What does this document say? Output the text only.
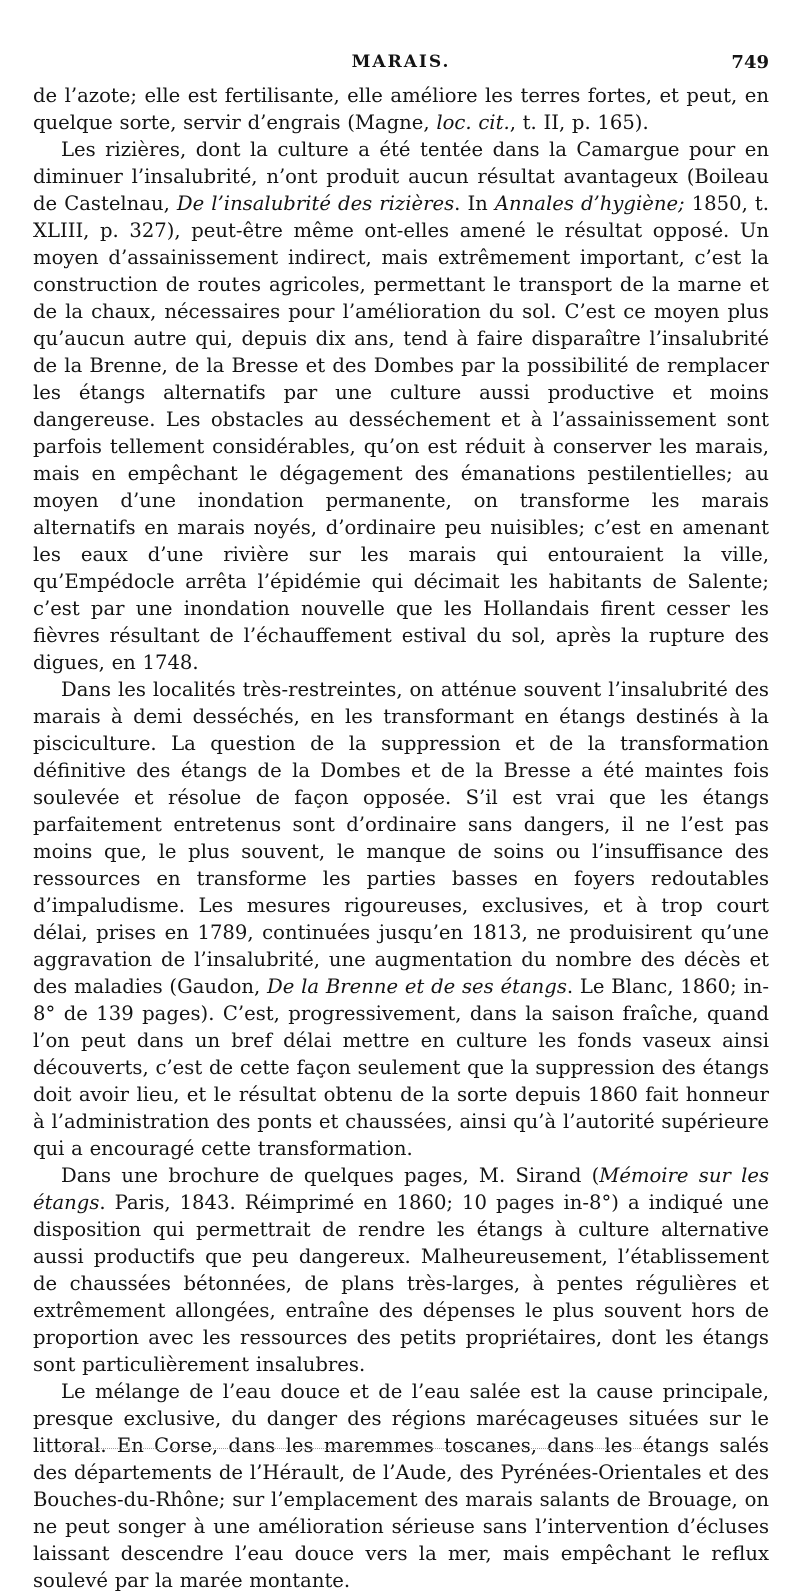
MARAIS.	749

de l’azote; elle est fertilisante, elle améliore les terres fortes, et peut, en quelque sorte, servir d’engrais (Magne, loc. cit., t. II, p. 165).

Les rizières, dont la culture a été tentée dans la Camargue pour en diminuer l’insalubrité, n’ont produit aucun résultat avantageux (Boileau de Castelnau, De l’insalubrité des rizières. In Annales d’hygiène; 1850, t. XLIII, p. 327), peut-être même ont-elles amené le résultat opposé. Un moyen d’assainissement indirect, mais extrêmement important, c’est la construction de routes agricoles, permettant le transport de la marne et de la chaux, nécessaires pour l’amélioration du sol. C’est ce moyen plus qu’aucun autre qui, depuis dix ans, tend à faire disparaître l’insalubrité de la Brenne, de la Bresse et des Dombes par la possibilité de remplacer les étangs alternatifs par une culture aussi productive et moins dangereuse. Les obstacles au desséchement et à l’assainissement sont parfois tellement considérables, qu’on est réduit à conserver les marais, mais en empêchant le dégagement des émanations pestilentielles; au moyen d’une inondation permanente, on transforme les marais alternatifs en marais noyés, d’ordinaire peu nuisibles; c’est en amenant les eaux d’une rivière sur les marais qui entouraient la ville, qu’Empédocle arrêta l’épidémie qui décimait les habitants de Salente; c’est par une inondation nouvelle que les Hollandais firent cesser les fièvres résultant de l’échauffement estival du sol, après la rupture des digues, en 1748.

Dans les localités très-restreintes, on atténue souvent l’insalubrité des marais à demi desséchés, en les transformant en étangs destinés à la pisciculture. La question de la suppression et de la transformation définitive des étangs de la Dombes et de la Bresse a été maintes fois soulevée et résolue de façon opposée. S’il est vrai que les étangs parfaitement entretenus sont d’ordinaire sans dangers, il ne l’est pas moins que, le plus souvent, le manque de soins ou l’insuffisance des ressources en transforme les parties basses en foyers redoutables d’impaludisme. Les mesures rigoureuses, exclusives, et à trop court délai, prises en 1789, continuées jusqu’en 1813, ne produisirent qu’une aggravation de l’insalubrité, une augmentation du nombre des décès et des maladies (Gaudon, De la Brenne et de ses étangs. Le Blanc, 1860; in-8° de 139 pages). C’est, progressivement, dans la saison fraîche, quand l’on peut dans un bref délai mettre en culture les fonds vaseux ainsi découverts, c’est de cette façon seulement que la suppression des étangs doit avoir lieu, et le résultat obtenu de la sorte depuis 1860 fait honneur à l’administration des ponts et chaussées, ainsi qu’à l’autorité supérieure qui a encouragé cette transformation.

Dans une brochure de quelques pages, M. Sirand (Mémoire sur les étangs. Paris, 1843. Réimprimé en 1860; 10 pages in-8°) a indiqué une disposition qui permettrait de rendre les étangs à culture alternative aussi productifs que peu dangereux. Malheureusement, l’établissement de chaussées bétonnées, de plans très-larges, à pentes régulières et extrêmement allongées, entraîne des dépenses le plus souvent hors de proportion avec les ressources des petits propriétaires, dont les étangs sont particulièrement insalubres.

Le mélange de l’eau douce et de l’eau salée est la cause principale, presque exclusive, du danger des régions marécageuses situées sur le littoral. En Corse, dans les maremmes toscanes, dans les étangs salés des départements de l’Hérault, de l’Aude, des Pyrénées-Orientales et des Bouches-du-Rhône; sur l’emplacement des marais salants de Brouage, on ne peut songer à une amélioration sérieuse sans l’intervention d’écluses laissant descendre l’eau douce vers la mer, mais empêchant le reflux soulevé par la marée montante.
